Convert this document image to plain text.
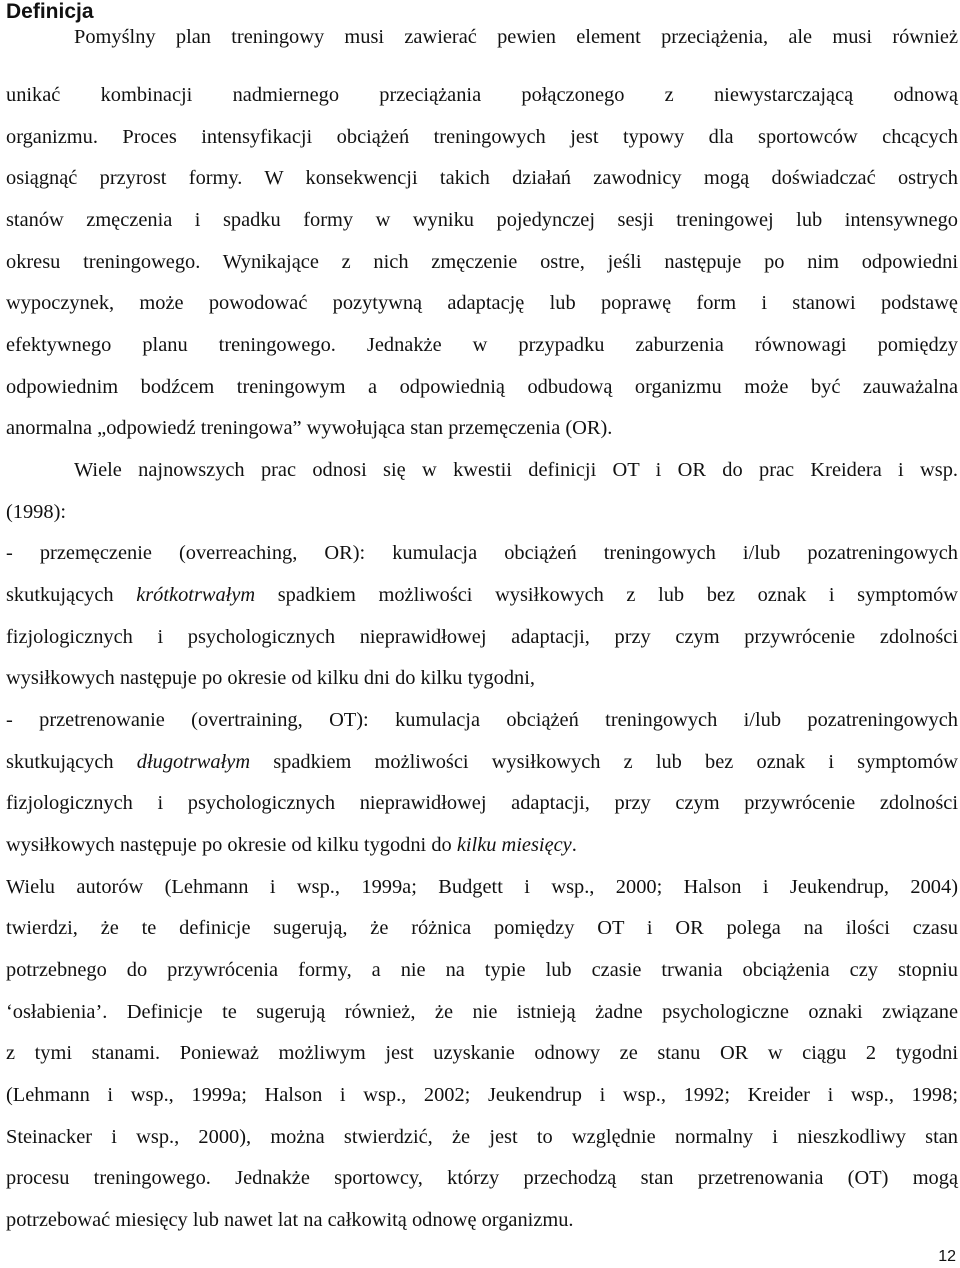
Definicja
Pomyślny plan treningowy musi zawierać pewien element przeciążenia, ale musi również
unikać kombinacji nadmiernego przeciążania połączonego z niewystarczającą odnową
organizmu. Proces intensyfikacji obciążeń treningowych jest typowy dla sportowców chcących
osiągnąć przyrost formy. W konsekwencji takich działań zawodnicy mogą doświadczać ostrych
stanów zmęczenia i spadku formy w wyniku pojedynczej sesji treningowej lub intensywnego
okresu treningowego. Wynikające z nich zmęczenie ostre, jeśli następuje po nim odpowiedni
wypoczynek, może powodować pozytywną adaptację lub poprawę form i stanowi podstawę
efektywnego planu treningowego. Jednakże w przypadku zaburzenia równowagi pomiędzy
odpowiednim bodźcem treningowym a odpowiednią odbudową organizmu może być zauważalna
anormalna „odpowiedź treningowa” wywołująca stan przemęczenia (OR).
Wiele najnowszych prac odnosi się w kwestii definicji OT i OR do prac Kreidera i wsp.
(1998):
- przemęczenie (overreaching, OR): kumulacja obciążeń treningowych i/lub pozatreningowych
skutkujących krótkotrwałym spadkiem możliwości wysiłkowych z lub bez oznak i symptomów
fizjologicznych i psychologicznych nieprawidłowej adaptacji, przy czym przywrócenie zdolności
wysiłkowych następuje po okresie od kilku dni do kilku tygodni,
- przetrenowanie (overtraining, OT): kumulacja obciążeń treningowych i/lub pozatreningowych
skutkujących długotrwałym spadkiem możliwości wysiłkowych z lub bez oznak i symptomów
fizjologicznych i psychologicznych nieprawidłowej adaptacji, przy czym przywrócenie zdolności
wysiłkowych następuje po okresie od kilku tygodni do kilku miesięcy.
Wielu autorów (Lehmann i wsp., 1999a; Budgett i wsp., 2000; Halson i Jeukendrup, 2004)
twierdzi, że te definicje sugerują, że różnica pomiędzy OT i OR polega na ilości czasu
potrzebnego do przywrócenia formy, a nie na typie lub czasie trwania obciążenia czy stopniu
‘osłabienia’. Definicje te sugerują również, że nie istnieją żadne psychologiczne oznaki związane
z tymi stanami. Ponieważ możliwym jest uzyskanie odnowy ze stanu OR w ciągu 2 tygodni
(Lehmann i wsp., 1999a; Halson i wsp., 2002; Jeukendrup i wsp., 1992; Kreider i wsp., 1998;
Steinacker i wsp., 2000), można stwierdzić, że jest to względnie normalny i nieszkodliwy stan
procesu treningowego. Jednakże sportowcy, którzy przechodzą stan przetrenowania (OT) mogą
potrzebować miesięcy lub nawet lat na całkowitą odnowę organizmu.
12
